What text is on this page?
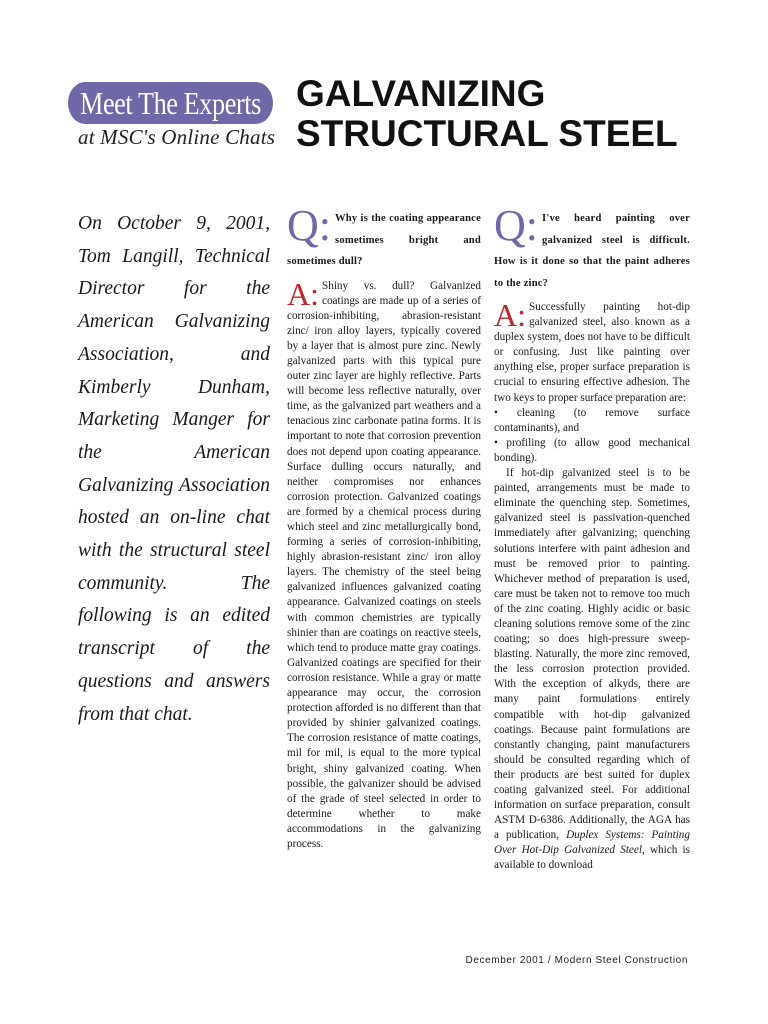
Meet The Experts
at MSC's Online Chats
GALVANIZING
STRUCTURAL STEEL
On October 9, 2001, Tom Langill, Technical Director for the American Galvanizing Association, and Kimberly Dunham, Marketing Manger for the American Galvanizing Association hosted an on-line chat with the structural steel community. The following is an edited transcript of the questions and answers from that chat.
Q: Why is the coating appearance sometimes bright and sometimes dull?
A: Shiny vs. dull? Galvanized coatings are made up of a series of corrosion-inhibiting, abrasion-resistant zinc/ iron alloy layers, typically covered by a layer that is almost pure zinc. Newly galvanized parts with this typical pure outer zinc layer are highly reflective. Parts will become less reflective naturally, over time, as the galvanized part weathers and a tenacious zinc carbonate patina forms. It is important to note that corrosion prevention does not depend upon coating appearance. Surface dulling occurs naturally, and neither compromises nor enhances corrosion protection. Galvanized coatings are formed by a chemical process during which steel and zinc metallurgically bond, forming a series of corrosion-inhibiting, highly abrasion-resistant zinc/ iron alloy layers. The chemistry of the steel being galvanized influences galvanized coating appearance. Galvanized coatings on steels with common chemistries are typically shinier than are coatings on reactive steels, which tend to produce matte gray coatings. Galvanized coatings are specified for their corrosion resistance. While a gray or matte appearance may occur, the corrosion protection afforded is no different than that provided by shinier galvanized coatings. The corrosion resistance of matte coatings, mil for mil, is equal to the more typical bright, shiny galvanized coating. When possible, the galvanizer should be advised of the grade of steel selected in order to determine whether to make accommodations in the galvanizing process.

Q: I've heard painting over galvanized steel is difficult. How is it done so that the paint adheres to the zinc?
A: Successfully painting hot-dip galvanized steel, also known as a duplex system, does not have to be difficult or confusing. Just like painting over anything else, proper surface preparation is crucial to ensuring effective adhesion. The two keys to proper surface preparation are:

• cleaning (to remove surface contaminants), and

• profiling (to allow good mechanical bonding).

If hot-dip galvanized steel is to be painted, arrangements must be made to eliminate the quenching step. Sometimes, galvanized steel is passivation-quenched immediately after galvanizing; quenching solutions interfere with paint adhesion and must be removed prior to painting. Whichever method of preparation is used, care must be taken not to remove too much of the zinc coating. Highly acidic or basic cleaning solutions remove some of the zinc coating; so does high-pressure sweep-blasting. Naturally, the more zinc removed, the less corrosion protection provided. With the exception of alkyds, there are many paint formulations entirely compatible with hot-dip galvanized coatings. Because paint formulations are constantly changing, paint manufacturers should be consulted regarding which of their products are best suited for duplex coating galvanized steel. For additional information on surface preparation, consult ASTM D-6386. Additionally, the AGA has a publication, Duplex Systems: Painting Over Hot-Dip Galvanized Steel, which is available to download

December 2001 / Modern Steel Construction
